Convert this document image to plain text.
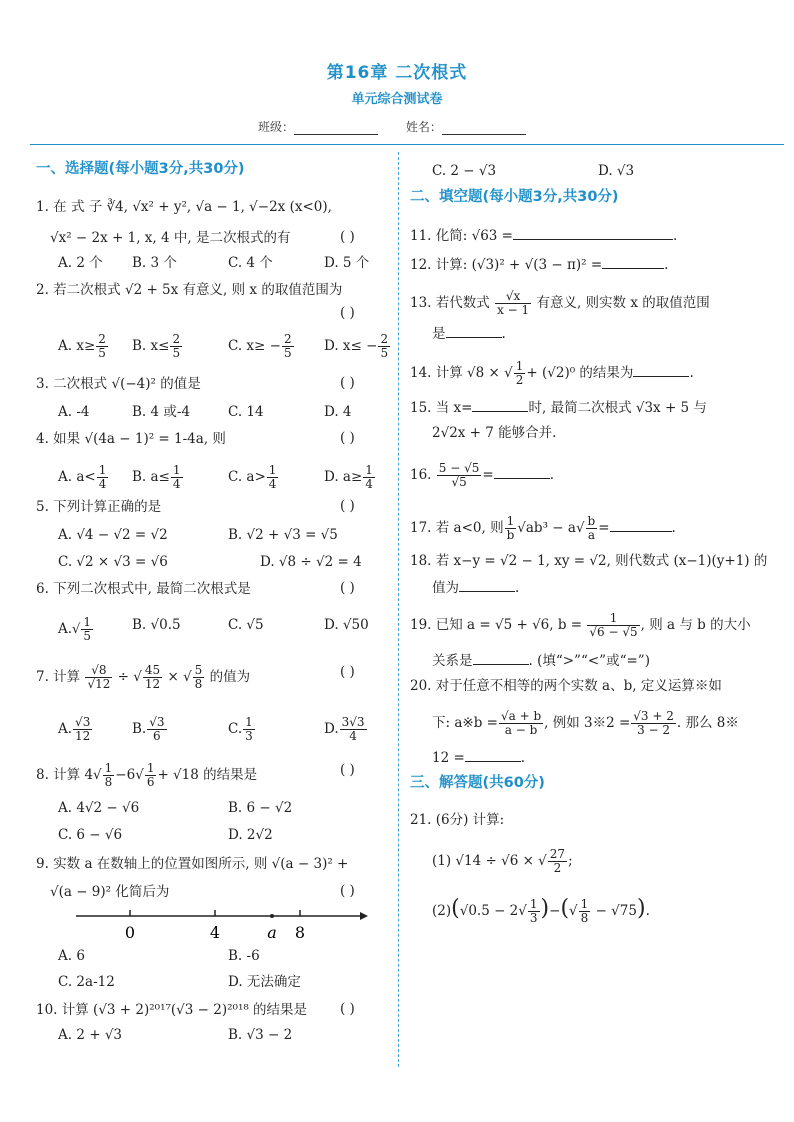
第16章 二次根式
单元综合测试卷
班级：	姓名：
一、选择题(每小题3分,共30分)
1. 在 式 子 ∛4, √x² + y², √a − 1, √−2x (x<0),
√x² − 2x + 1, x, 4 中, 是二次根式的有	( )
A. 2 个 B. 3 个	C. 4 个	D. 5 个
2. 若二次根式 √2 + 5x 有意义, 则 x 的取值范围为
( )
A. $x\ge \frac{2}{5} B$. $x\le \frac{2}{5}$	C. $x\ge - \frac{2}{5} D$. $x\le - \frac{2}{5}$
3. 二次根式 √(−4)² 的值是	( )
A. -4	B. 4 或-4	C. 14	D. 4
4. 如果 √(4a − 1)² = 1-4a, 则	( )
A. $a< \frac{1}{4} B$. $a\le \frac{1}{4}$	C. $a> \frac{1}{4}$	D. $a\ge \frac{1}{4}$
5. 下列计算正确的是	( )
A. √4 − √2 = √2	B. √2 + √3 = √5
C. √2 × √3 = √6	D. √8 ÷ √2 = 4
6. 下列二次根式中, 最简二次根式是	( )
$A.√ \frac{1}{5}$	B. √0.5	C. √5	D. √50
7. 计算 $\frac{√8}{√12}$ ÷ √ $\frac{45}{12}$ × √ $\frac{5}{8}$ 的值为	( )
A. $\frac{√3}{12}$	B. $\frac{√3}{6}$	C. $\frac{1}{3}$	D. $\frac{3√3}{4}$
8. 计算 $4√ \frac{1}{8} -6√ \frac{1}{6} + √18$ 的结果是	( )
A. 4√2 − √6	B. 6 − √2
C. 6 − √6	D. 2√2
9. 实数 a 在数轴上的位置如图所示, 则 √(a − 3)² +
√(a − 9)² 化简后为	( )
0	4	a 8
A. 6	B. -6
C. 2a-12	D. 无法确定
10. 计算 (√3 + 2)²⁰¹⁷(√3 − 2)²⁰¹⁸ 的结果是 ( )
A. 2 + √3	B. √3 − 2
C. 2 − √3	D. √3
二、填空题(每小题3分,共30分)
11. 化简: √63 =	.
12. 计算: (√3)² + √(3 − π)² =	.
13. 若代数式 $\frac{√x}{x - 1}$ 有意义, 则实数 x 的取值范围
是	.
14. 计算 √8 × √ $\frac{1}{2} + (√2)^0$ 的结果为	.
15. 当 x=	时, 最简二次根式 √3x + 5 与
2√2x + 7 能够合并.
16. $\frac{5 - √5}{√5}$ =	.
17. 若 a<0, 则 $\frac{1}{b} √ab^3 - a√ \frac{b}{a}$ =	.
18. 若 x−y = √2 − 1, xy = √2, 则代数式 (x−1)(y+1) 的
值为	.
19. 已知 a = √5 + √6, $b = \frac{1}{√6 - √5}$ , 则 a 与 b 的大小
关系是	. (填“>”“<”或“=”)
20. 对于任意不相等的两个实数 a、b, 定义运算※如
下: a※b = $\frac{√a + b}{a - b}$ , 例如 3※2 = $\frac{√3 + 2}{3 - 2}$ . 那么 8※
12 =	.
三、解答题(共60分)
21. (6分) 计算:
(1) √14 ÷ √6 × √ $\frac{27}{2}$ ;
$(2)(√0.5 - 2√ \frac{1}{3}$ )−(√ $\frac{1}{8} - √75$).
